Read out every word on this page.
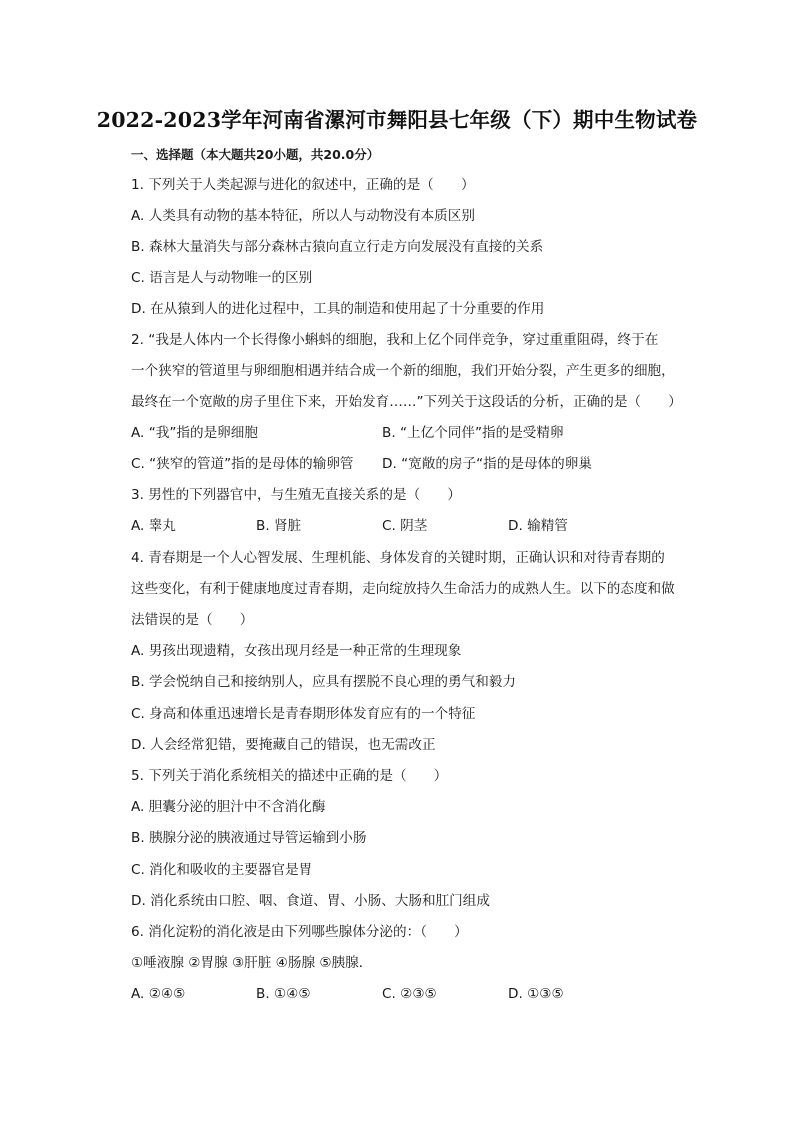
2022-2023学年河南省漯河市舞阳县七年级（下）期中生物试卷
一、选择题（本大题共20小题，共20.0分）
1. 下列关于人类起源与进化的叙述中，正确的是（　　）
A. 人类具有动物的基本特征，所以人与动物没有本质区别
B. 森林大量消失与部分森林古猿向直立行走方向发展没有直接的关系
C. 语言是人与动物唯一的区别
D. 在从猿到人的进化过程中，工具的制造和使用起了十分重要的作用
2. “我是人体内一个长得像小蝌蚪的细胞，我和上亿个同伴竞争，穿过重重阻碍，终于在
一个狭窄的管道里与卵细胞相遇并结合成一个新的细胞，我们开始分裂，产生更多的细胞，
最终在一个宽敞的房子里住下来，开始发育……”下列关于这段话的分析，正确的是（　　）
A. “我”指的是卵细胞	B. “上亿个同伴”指的是受精卵
C. “狭窄的管道”指的是母体的输卵管 D. “宽敞的房子“指的是母体的卵巢
3. 男性的下列器官中，与生殖无直接关系的是（　　）
A. 睾丸	B. 肾脏	C. 阴茎	D. 输精管
4. 青春期是一个人心智发展、生理机能、身体发育的关键时期，正确认识和对待青春期的
这些变化，有利于健康地度过青春期，走向绽放持久生命活力的成熟人生。以下的态度和做
法错误的是（　　）
A. 男孩出现遗精，女孩出现月经是一种正常的生理现象
B. 学会悦纳自己和接纳别人，应具有摆脱不良心理的勇气和毅力
C. 身高和体重迅速增长是青春期形体发育应有的一个特征
D. 人会经常犯错，要掩藏自己的错误，也无需改正
5. 下列关于消化系统相关的描述中正确的是（　　）
A. 胆囊分泌的胆汁中不含消化酶
B. 胰腺分泌的胰液通过导管运输到小肠
C. 消化和吸收的主要器官是胃
D. 消化系统由口腔、咽、食道、胃、小肠、大肠和肛门组成
6. 消化淀粉的消化液是由下列哪些腺体分泌的：（　　）
①唾液腺 ②胃腺 ③肝脏 ④肠腺 ⑤胰腺．
A. ②④⑤	B. ①④⑤	C. ②③⑤	D. ①③⑤
